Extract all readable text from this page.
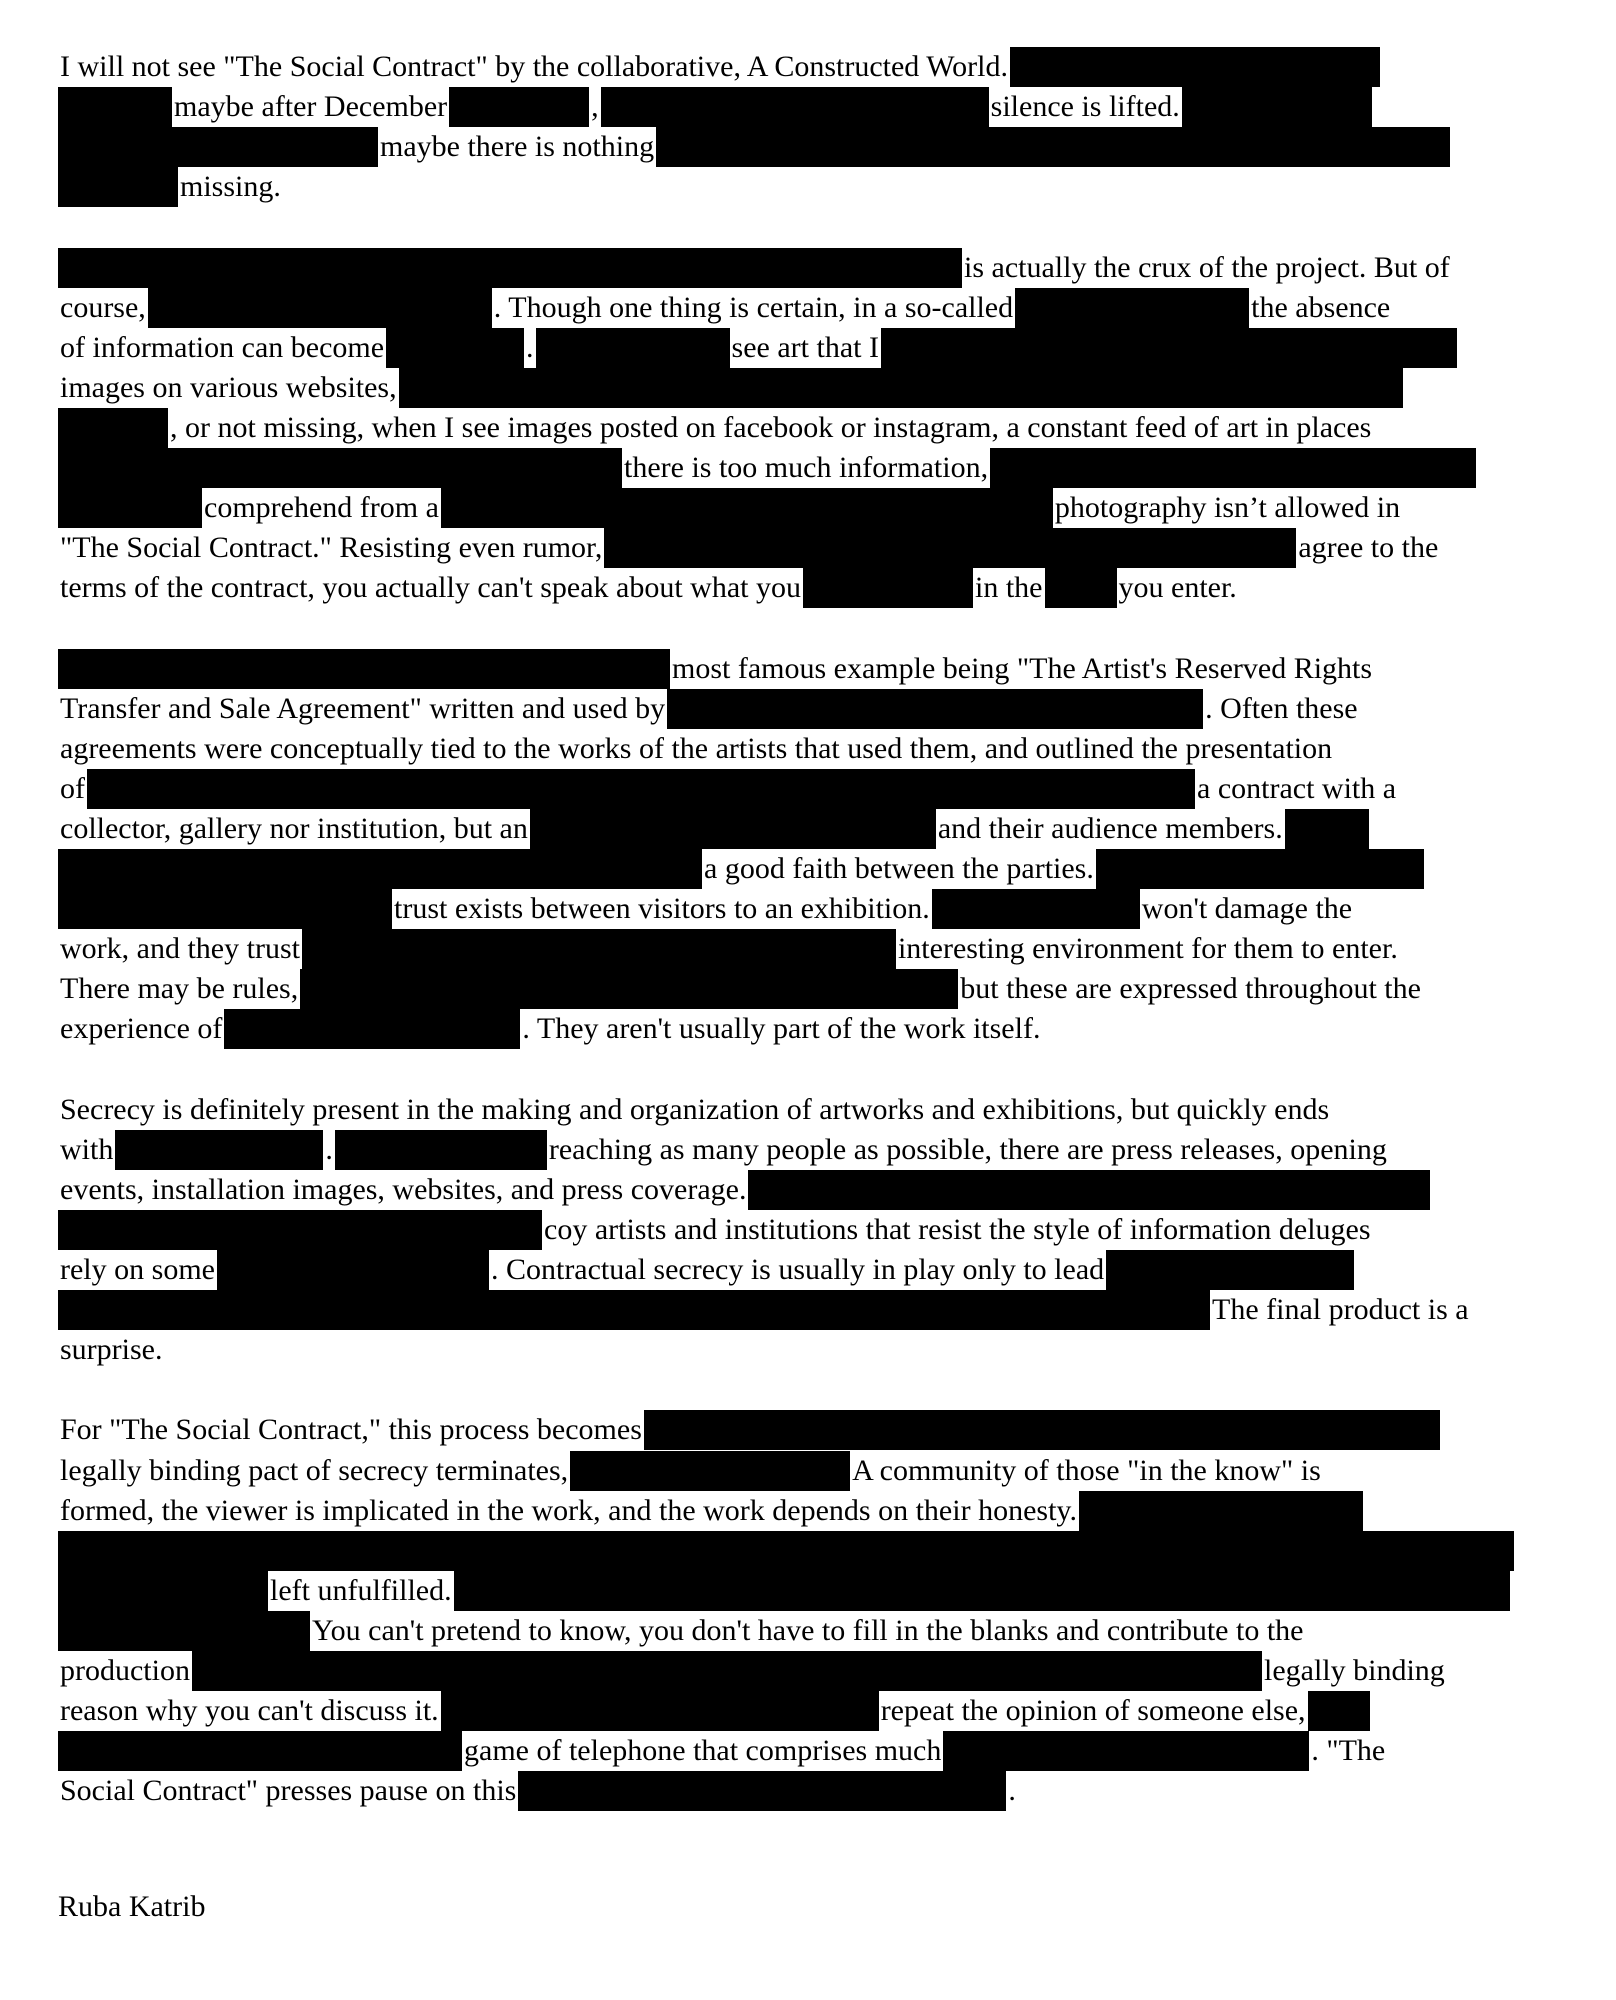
I will not see "The Social Contract" by the collaborative, A Constructed World.
maybe after December	,	silence is lifted.
maybe there is nothing
missing.
is actually the crux of the project. But of
course,	. Though one thing is certain, in a so-called	the absence
of information can become	.	see art that I
images on various websites,
, or not missing, when I see images posted on facebook or instagram, a constant feed of art in places
there is too much information,
comprehend from a	photography isn’t allowed in
"The Social Contract." Resisting even rumor,	agree to the
terms of the contract, you actually can't speak about what you	in the	you enter.
most famous example being "The Artist's Reserved Rights
Transfer and Sale Agreement" written and used by	. Often these
agreements were conceptually tied to the works of the artists that used them, and outlined the presentation
of	a contract with a
collector, gallery nor institution, but an	and their audience members.
a good faith between the parties.
trust exists between visitors to an exhibition.	won't damage the
work, and they trust	interesting environment for them to enter.
There may be rules,	but these are expressed throughout the
experience of	. They aren't usually part of the work itself.
Secrecy is definitely present in the making and organization of artworks and exhibitions, but quickly ends
with	.	reaching as many people as possible, there are press releases, opening
events, installation images, websites, and press coverage.
coy artists and institutions that resist the style of information deluges
rely on some	. Contractual secrecy is usually in play only to lead
The final product is a
surprise.
For "The Social Contract," this process becomes
legally binding pact of secrecy terminates,	A community of those "in the know" is
formed, the viewer is implicated in the work, and the work depends on their honesty.
left unfulfilled.
You can't pretend to know, you don't have to fill in the blanks and contribute to the
production	legally binding
reason why you can't discuss it.	repeat the opinion of someone else,
game of telephone that comprises much	. "The
Social Contract" presses pause on this	.
Ruba Katrib
